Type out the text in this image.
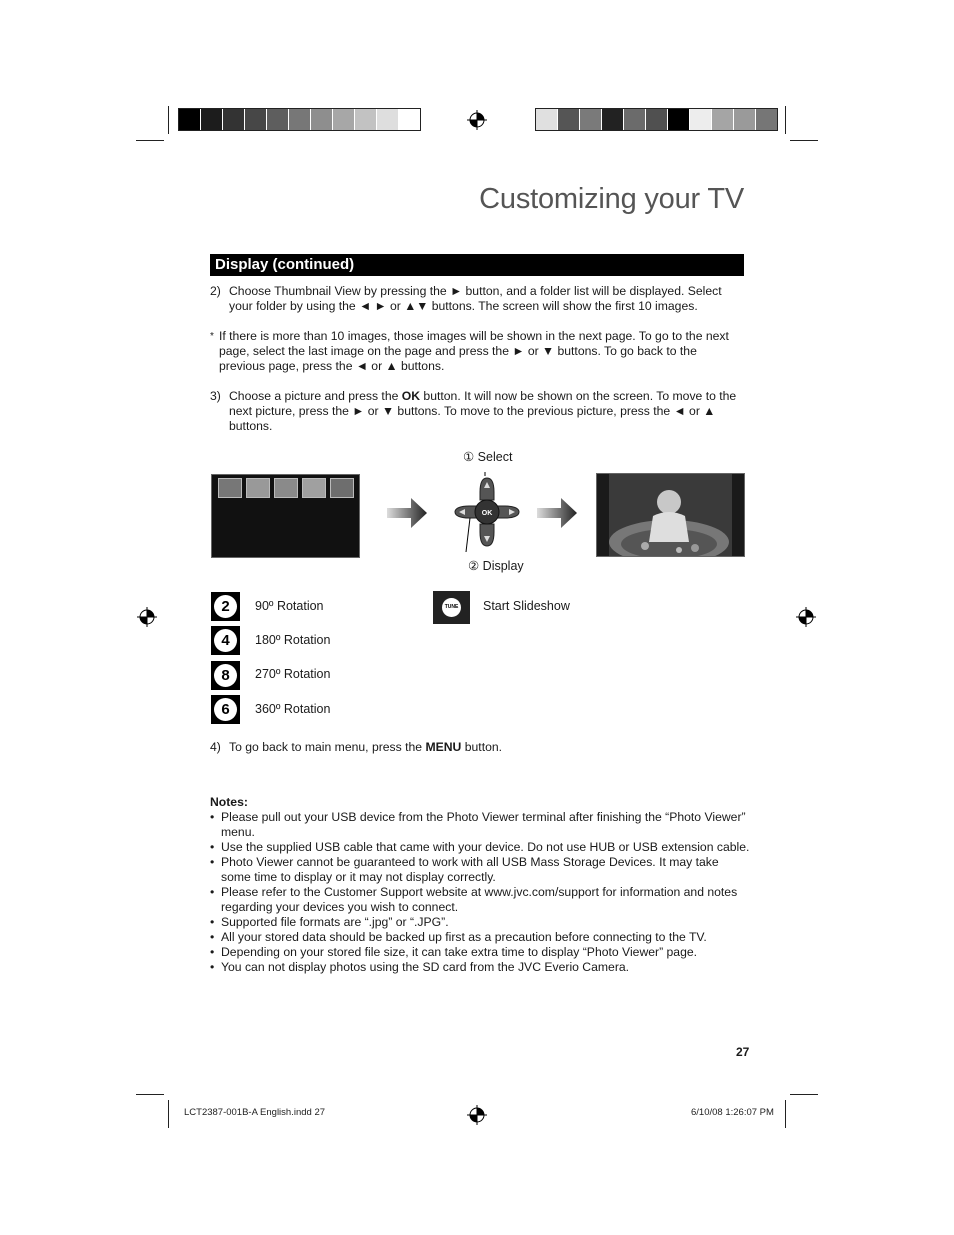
Customizing your TV
Display (continued)
2) Choose Thumbnail View by pressing the ► button, and a folder list will be displayed. Select your folder by using the ◄ ► or ▲▼ buttons. The screen will show the first 10 images.
* If there is more than 10 images, those images will be shown in the next page. To go to the next page, select the last image on the page and press the ► or ▼ buttons. To go back to the previous page, press the ◄ or ▲ buttons.
3) Choose a picture and press the OK button. It will now be shown on the screen. To move to the next picture, press the ► or ▼ buttons. To move to the previous picture, press the ◄ or ▲ buttons.
OK
① Select
② Display
2	90º Rotation
4	180º Rotation
8	270º Rotation
6	360º Rotation
TUNE Start Slideshow
4) To go back to main menu, press the MENU button.
Notes:
• Please pull out your USB device from the Photo Viewer terminal after finishing the “Photo Viewer” menu.
• Use the supplied USB cable that came with your device. Do not use HUB or USB extension cable.
• Photo Viewer cannot be guaranteed to work with all USB Mass Storage Devices. It may take some time to display or it may not display correctly.
• Please refer to the Customer Support website at www.jvc.com/support for information and notes regarding your devices you wish to connect.
• Supported file formats are “.jpg” or “.JPG”.
• All your stored data should be backed up first as a precaution before connecting to the TV.
• Depending on your stored file size, it can take extra time to display “Photo Viewer” page.
• You can not display photos using the SD card from the JVC Everio Camera.
27
LCT2387-001B-A English.indd 27	6/10/08 1:26:07 PM
